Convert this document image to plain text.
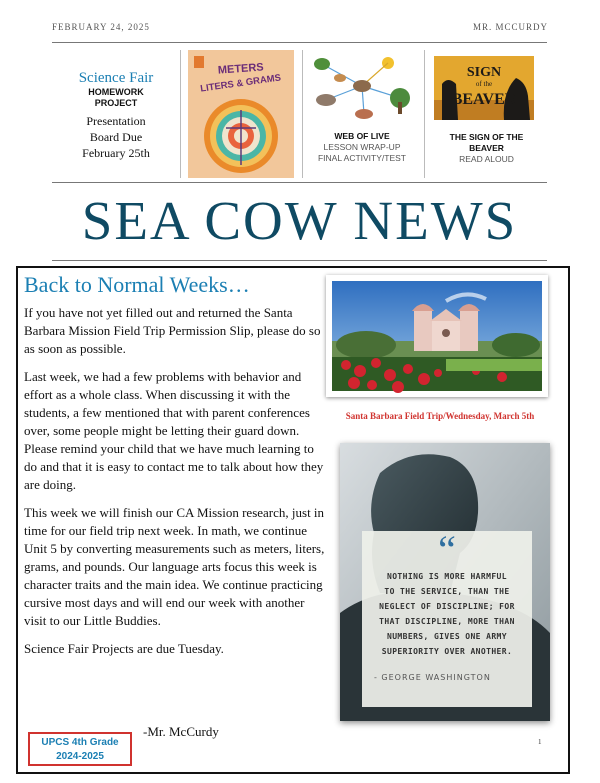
FEBRUARY 24, 2025	MR. MCCURDY
Science Fair
HOMEWORK
PROJECT
Presentation
Board Due
February 25th
METERS
LITERS & GRAMS
WEB OF LIVE
LESSON WRAP-UP
FINAL ACTIVITY/TEST
SIGN
of the
BEAVER
THE SIGN OF THE
BEAVER
READ ALOUD
SEA COW NEWS
Back to Normal Weeks…

If you have not yet filled out and returned the Santa Barbara Mission Field Trip Permission Slip, please do so as soon as possible.

Last week, we had a few problems with behavior and effort as a whole class. When discussing it with the students, a few mentioned that with parent conferences over, some people might be letting their guard down. Please remind your child that we have much learning to do and that it is easy to contact me to talk about how they are doing.

This week we will finish our CA Mission research, just in time for our field trip next week. In math, we continue Unit 5 by converting measurements such as meters, liters, grams, and pounds. Our language arts focus this week is character traits and the main idea. We continue practicing cursive most days and will end our week with another visit to our Little Buddies.

Science Fair Projects are due Tuesday.

Santa Barbara Field Trip/Wednesday, March 5th
“
NOTHING IS MORE HARMFUL
TO THE SERVICE, THAN THE
NEGLECT OF DISCIPLINE; FOR
THAT DISCIPLINE, MORE THAN
NUMBERS, GIVES ONE ARMY
SUPERIORITY OVER ANOTHER.
- GEORGE WASHINGTON
-Mr. McCurdy
UPCS 4th Grade
2024-2025
1
